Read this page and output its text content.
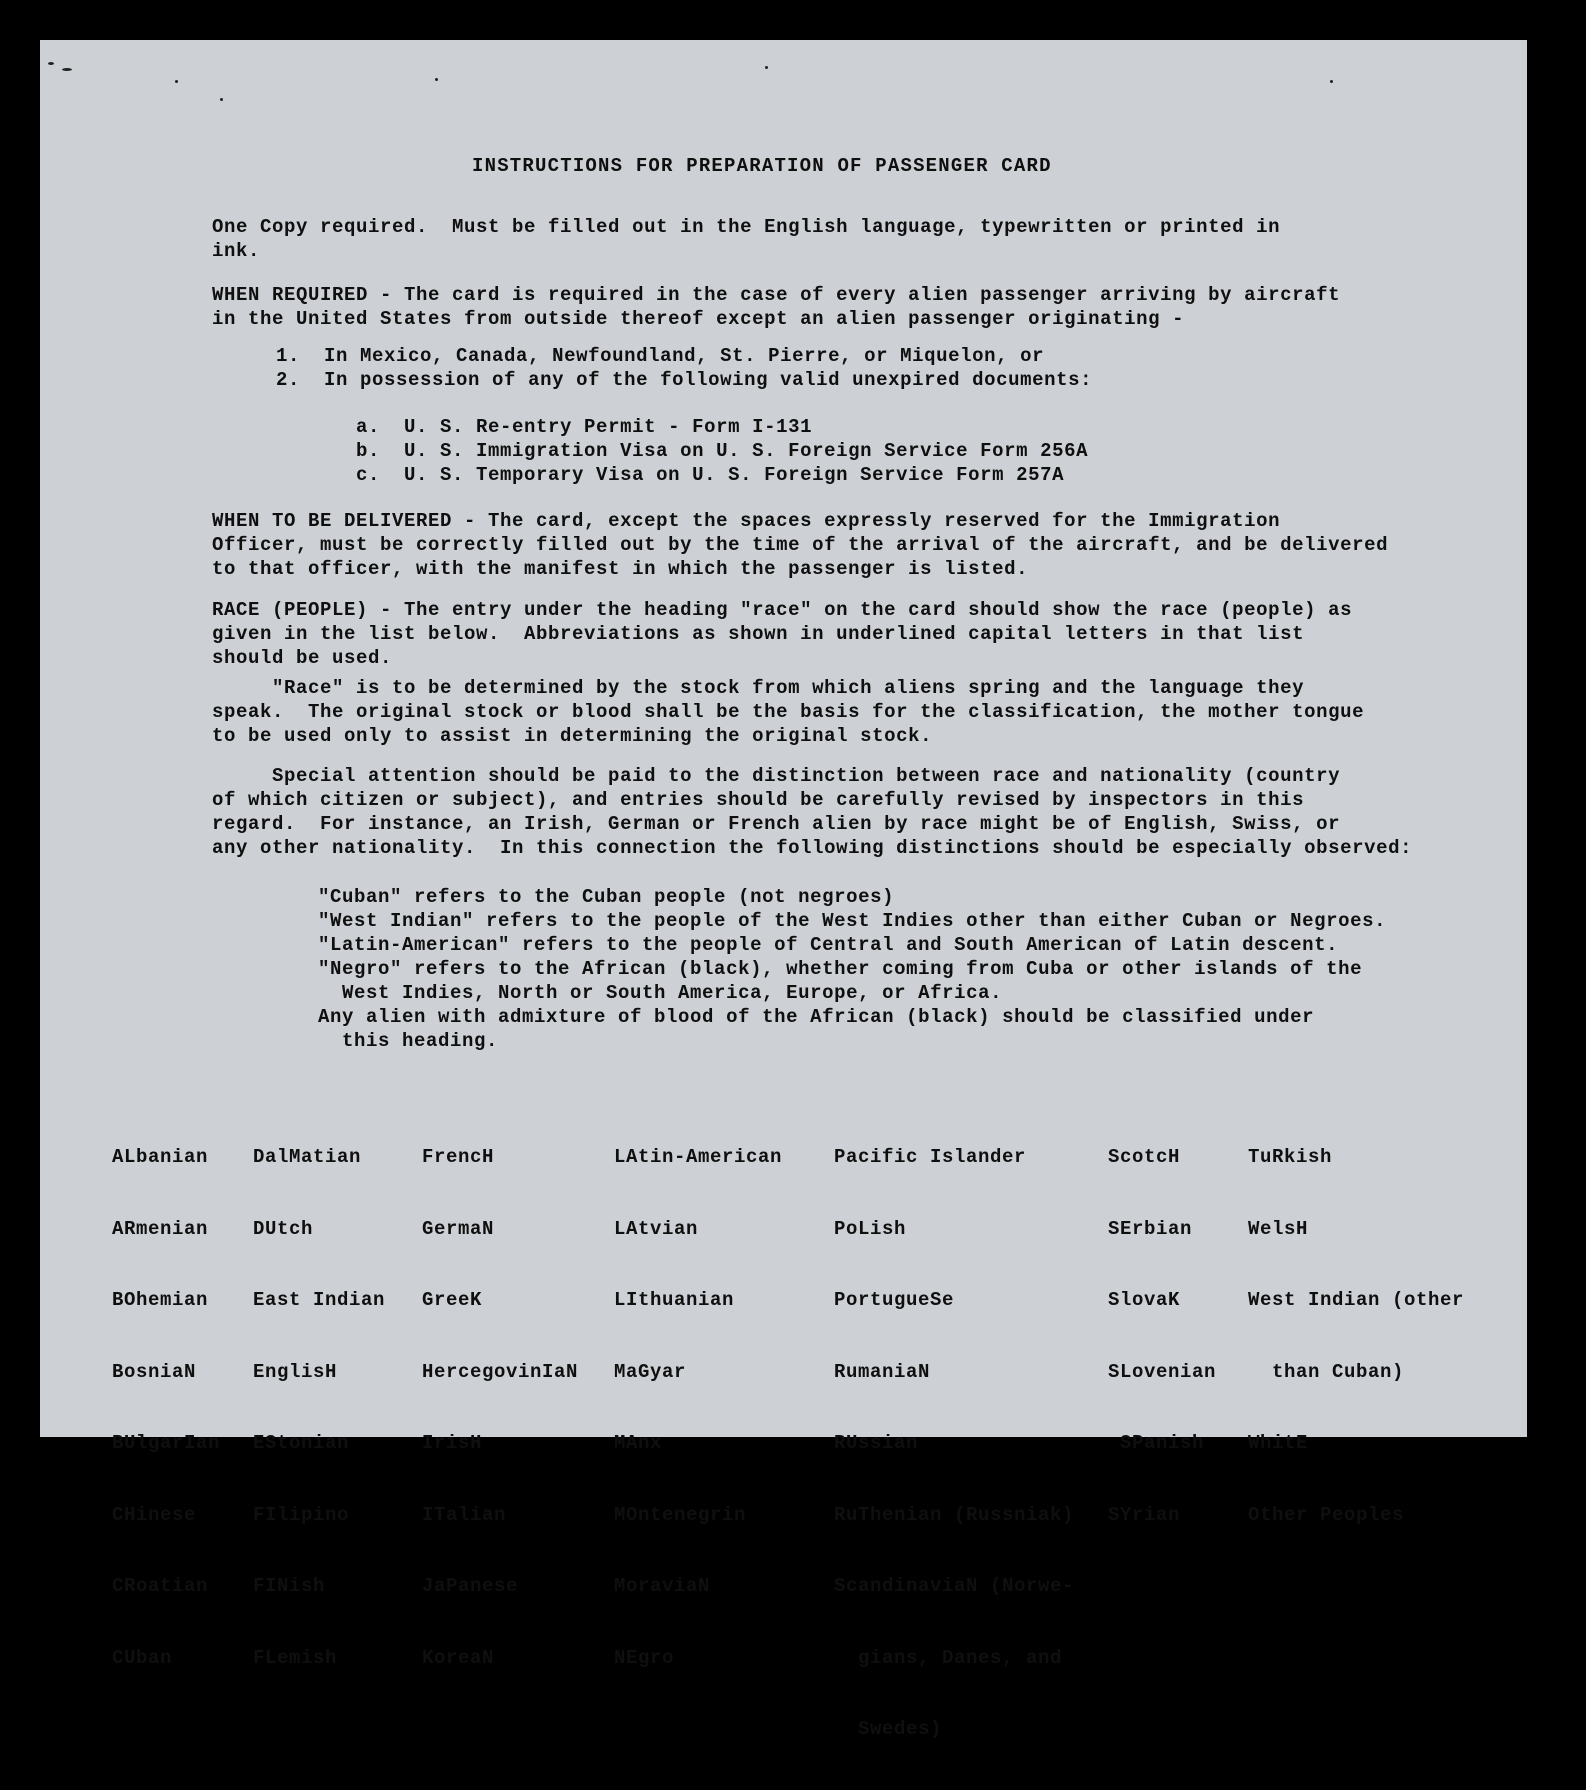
INSTRUCTIONS FOR PREPARATION OF PASSENGER CARD
One Copy required.  Must be filled out in the English language, typewritten or printed in
ink.
WHEN REQUIRED - The card is required in the case of every alien passenger arriving by aircraft
in the United States from outside thereof except an alien passenger originating -
1. In Mexico, Canada, Newfoundland, St. Pierre, or Miquelon, or
2. In possession of any of the following valid unexpired documents:
a. U. S. Re-entry Permit - Form I-131
b. U. S. Immigration Visa on U. S. Foreign Service Form 256A
c. U. S. Temporary Visa on U. S. Foreign Service Form 257A
WHEN TO BE DELIVERED - The card, except the spaces expressly reserved for the Immigration
Officer, must be correctly filled out by the time of the arrival of the aircraft, and be delivered
to that officer, with the manifest in which the passenger is listed.
RACE (PEOPLE) - The entry under the heading "race" on the card should show the race (people) as
given in the list below.  Abbreviations as shown in underlined capital letters in that list
should be used.
"Race" is to be determined by the stock from which aliens spring and the language they
speak.  The original stock or blood shall be the basis for the classification, the mother tongue
to be used only to assist in determining the original stock.
Special attention should be paid to the distinction between race and nationality (country
of which citizen or subject), and entries should be carefully revised by inspectors in this
regard.  For instance, an Irish, German or French alien by race might be of English, Swiss, or
any other nationality.  In this connection the following distinctions should be especially observed:
"Cuban" refers to the Cuban people (not negroes)
"West Indian" refers to the people of the West Indies other than either Cuban or Negroes.
"Latin-American" refers to the people of Central and South American of Latin descent.
"Negro" refers to the African (black), whether coming from Cuba or other islands of the
West Indies, North or South America, Europe, or Africa.
Any alien with admixture of blood of the African (black) should be classified under
this heading.

ALbanian

ARmenian

BOhemian

BosniaN

BUlgarIan

CHinese

CRoatian

CUban

DalMatian

DUtch

East Indian

EnglisH

EStonian

FIlipino

FINish

FLemish

FrencH

GermaN

GreeK

HercegovinIaN

IrisH

ITalian

JaPanese

KoreaN

LAtin-American

LAtvian

LIthuanian

MaGyar

MAnx

MOntenegrin

MoraviaN

NEgro

Pacific Islander

PoLish

PortugueSe

RumaniaN

RUssian

RuThenian (Russniak)

ScandinaviaN (Norwe-

gians, Danes, and

Swedes)

ScotcH

SErbian

SlovaK

SLovenian

SPanish

SYrian

TuRkish

WelsH

West Indian (other

than Cuban)

WhitE

Other Peoples
